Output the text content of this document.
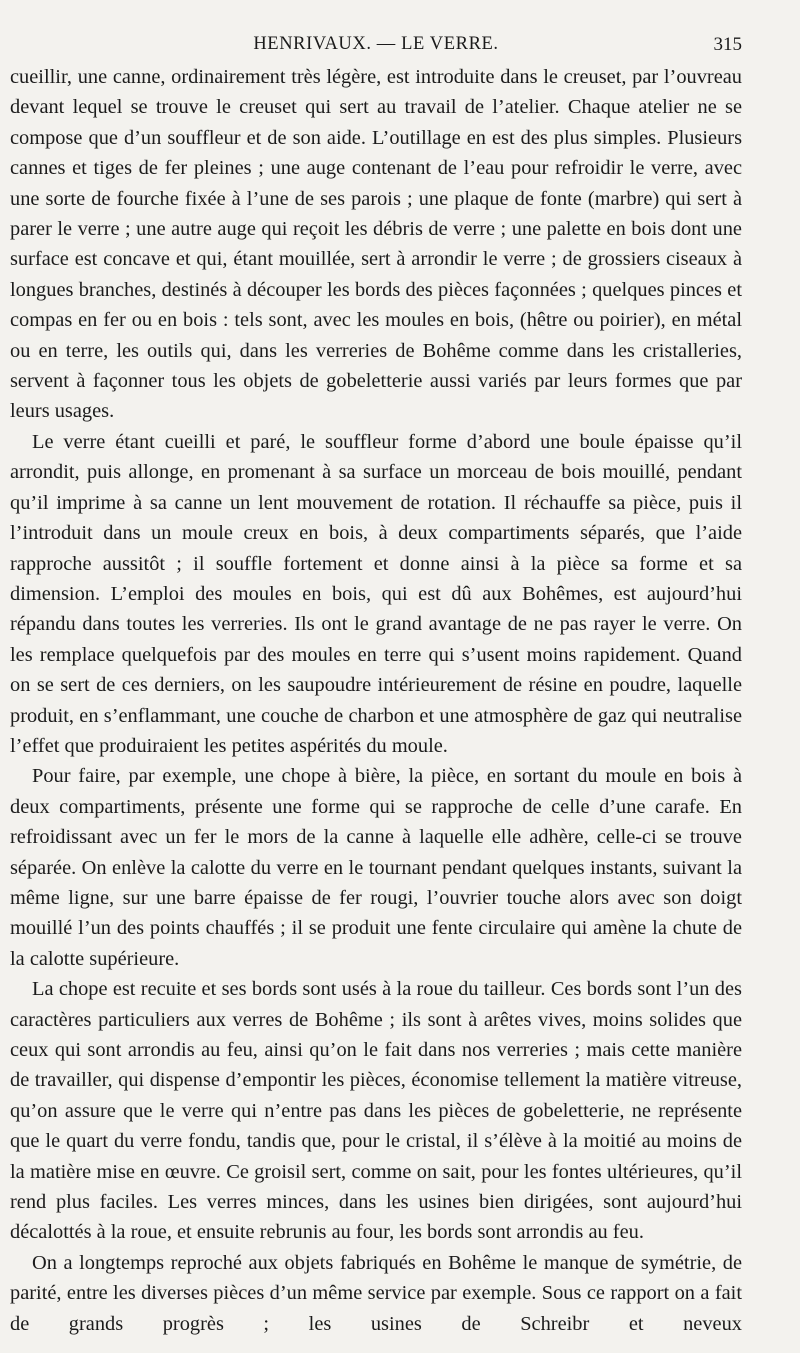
HENRIVAUX. — LE VERRE.	315

cueillir, une canne, ordinairement très légère, est introduite dans le creuset, par l’ouvreau devant lequel se trouve le creuset qui sert au travail de l’atelier. Chaque atelier ne se compose que d’un souffleur et de son aide. L’outillage en est des plus simples. Plusieurs cannes et tiges de fer pleines ; une auge contenant de l’eau pour refroidir le verre, avec une sorte de fourche fixée à l’une de ses parois ; une plaque de fonte (marbre) qui sert à parer le verre ; une autre auge qui reçoit les débris de verre ; une palette en bois dont une surface est concave et qui, étant mouillée, sert à arrondir le verre ; de grossiers ciseaux à longues branches, destinés à découper les bords des pièces façonnées ; quelques pinces et compas en fer ou en bois : tels sont, avec les moules en bois, (hêtre ou poirier), en métal ou en terre, les outils qui, dans les verreries de Bohême comme dans les cristalleries, servent à façonner tous les objets de gobeletterie aussi variés par leurs formes que par leurs usages.

Le verre étant cueilli et paré, le souffleur forme d’abord une boule épaisse qu’il arrondit, puis allonge, en promenant à sa surface un morceau de bois mouillé, pendant qu’il imprime à sa canne un lent mouvement de rotation. Il réchauffe sa pièce, puis il l’introduit dans un moule creux en bois, à deux compartiments séparés, que l’aide rapproche aussitôt ; il souffle fortement et donne ainsi à la pièce sa forme et sa dimension. L’emploi des moules en bois, qui est dû aux Bohêmes, est aujourd’hui répandu dans toutes les verreries. Ils ont le grand avantage de ne pas rayer le verre. On les remplace quelquefois par des moules en terre qui s’usent moins rapidement. Quand on se sert de ces derniers, on les saupoudre intérieurement de résine en poudre, laquelle produit, en s’enflammant, une couche de charbon et une atmosphère de gaz qui neutralise l’effet que produiraient les petites aspérités du moule.

Pour faire, par exemple, une chope à bière, la pièce, en sortant du moule en bois à deux compartiments, présente une forme qui se rapproche de celle d’une carafe. En refroidissant avec un fer le mors de la canne à laquelle elle adhère, celle-ci se trouve séparée. On enlève la calotte du verre en le tournant pendant quelques instants, suivant la même ligne, sur une barre épaisse de fer rougi, l’ouvrier touche alors avec son doigt mouillé l’un des points chauffés ; il se produit une fente circulaire qui amène la chute de la calotte supérieure.

La chope est recuite et ses bords sont usés à la roue du tailleur. Ces bords sont l’un des caractères particuliers aux verres de Bohême ; ils sont à arêtes vives, moins solides que ceux qui sont arrondis au feu, ainsi qu’on le fait dans nos verreries ; mais cette manière de travailler, qui dispense d’empontir les pièces, économise tellement la matière vitreuse, qu’on assure que le verre qui n’entre pas dans les pièces de gobeletterie, ne représente que le quart du verre fondu, tandis que, pour le cristal, il s’élève à la moitié au moins de la matière mise en œuvre. Ce groisil sert, comme on sait, pour les fontes ultérieures, qu’il rend plus faciles. Les verres minces, dans les usines bien dirigées, sont aujourd’hui décalottés à la roue, et ensuite rebrunis au four, les bords sont arrondis au feu.

On a longtemps reproché aux objets fabriqués en Bohême le manque de symétrie, de parité, entre les diverses pièces d’un même service par exemple. Sous ce rapport on a fait de grands progrès ; les usines de Schreibr et neveux
